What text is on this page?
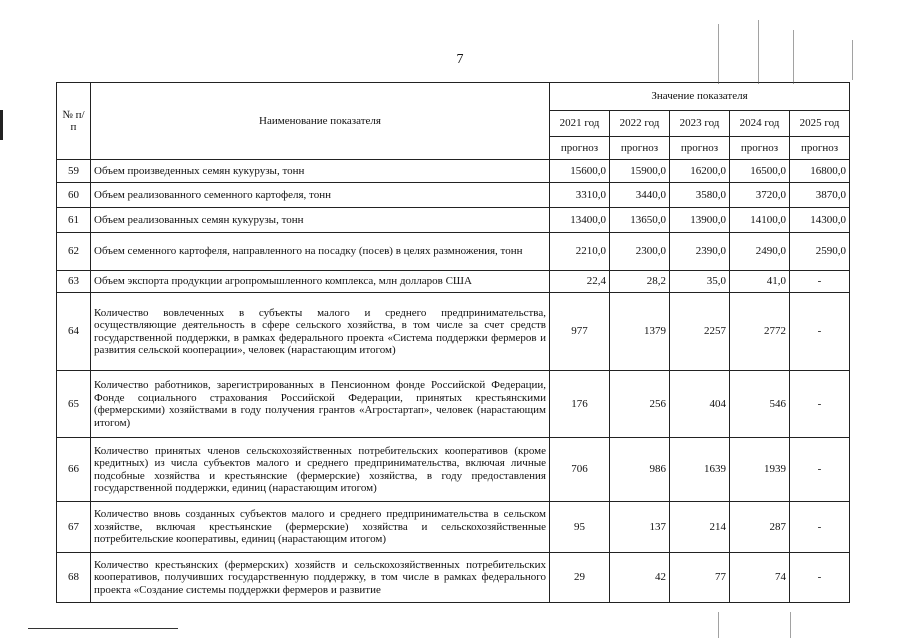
7
№ п/п	Наименование показателя	Значение показателя				
		2021 год	2022 год	2023 год	2024 год	2025 год
		прогноз	прогноз	прогноз	прогноз	прогноз
59	Объем произведенных семян кукурузы, тонн	15600,0	15900,0	16200,0	16500,0	16800,0
60	Объем реализованного семенного картофеля, тонн	3310,0	3440,0	3580,0	3720,0	3870,0
61	Объем реализованных семян кукурузы, тонн	13400,0	13650,0	13900,0	14100,0	14300,0
62	Объем семенного картофеля, направленного на посадку (посев) в целях размножения, тонн	2210,0	2300,0	2390,0	2490,0	2590,0
63	Объем экспорта продукции агропромышленного комплекса, млн долларов США	22,4	28,2	35,0	41,0	-
64	Количество вовлеченных в субъекты малого и среднего предпринимательства, осуществляющие деятельность в сфере сельского хозяйства, в том числе за счет средств государственной поддержки, в рамках федерального проекта «Система поддержки фермеров и развития сельской кооперации», человек (нарастающим итогом)	977	1379	2257	2772	-
65	Количество работников, зарегистрированных в Пенсионном фонде Российской Федерации, Фонде социального страхования Российской Федерации, принятых крестьянскими (фермерскими) хозяйствами в году получения грантов «Агростартап», человек (нарастающим итогом)	176	256	404	546	-
66	Количество принятых членов сельскохозяйственных потребительских кооперативов (кроме кредитных) из числа субъектов малого и среднего предпринимательства, включая личные подсобные хозяйства и крестьянские (фермерские) хозяйства, в году предоставления государственной поддержки, единиц (нарастающим итогом)	706	986	1639	1939	-
67	Количество вновь созданных субъектов малого и среднего предпринимательства в сельском хозяйстве, включая крестьянские (фермерские) хозяйства и сельскохозяйственные потребительские кооперативы, единиц (нарастающим итогом)	95	137	214	287	-
68	Количество крестьянских (фермерских) хозяйств и сельскохозяйственных потребительских кооперативов, получивших государственную поддержку, в том числе в рамках федерального проекта «Создание системы поддержки фермеров и развитие	29	42	77	74	-
